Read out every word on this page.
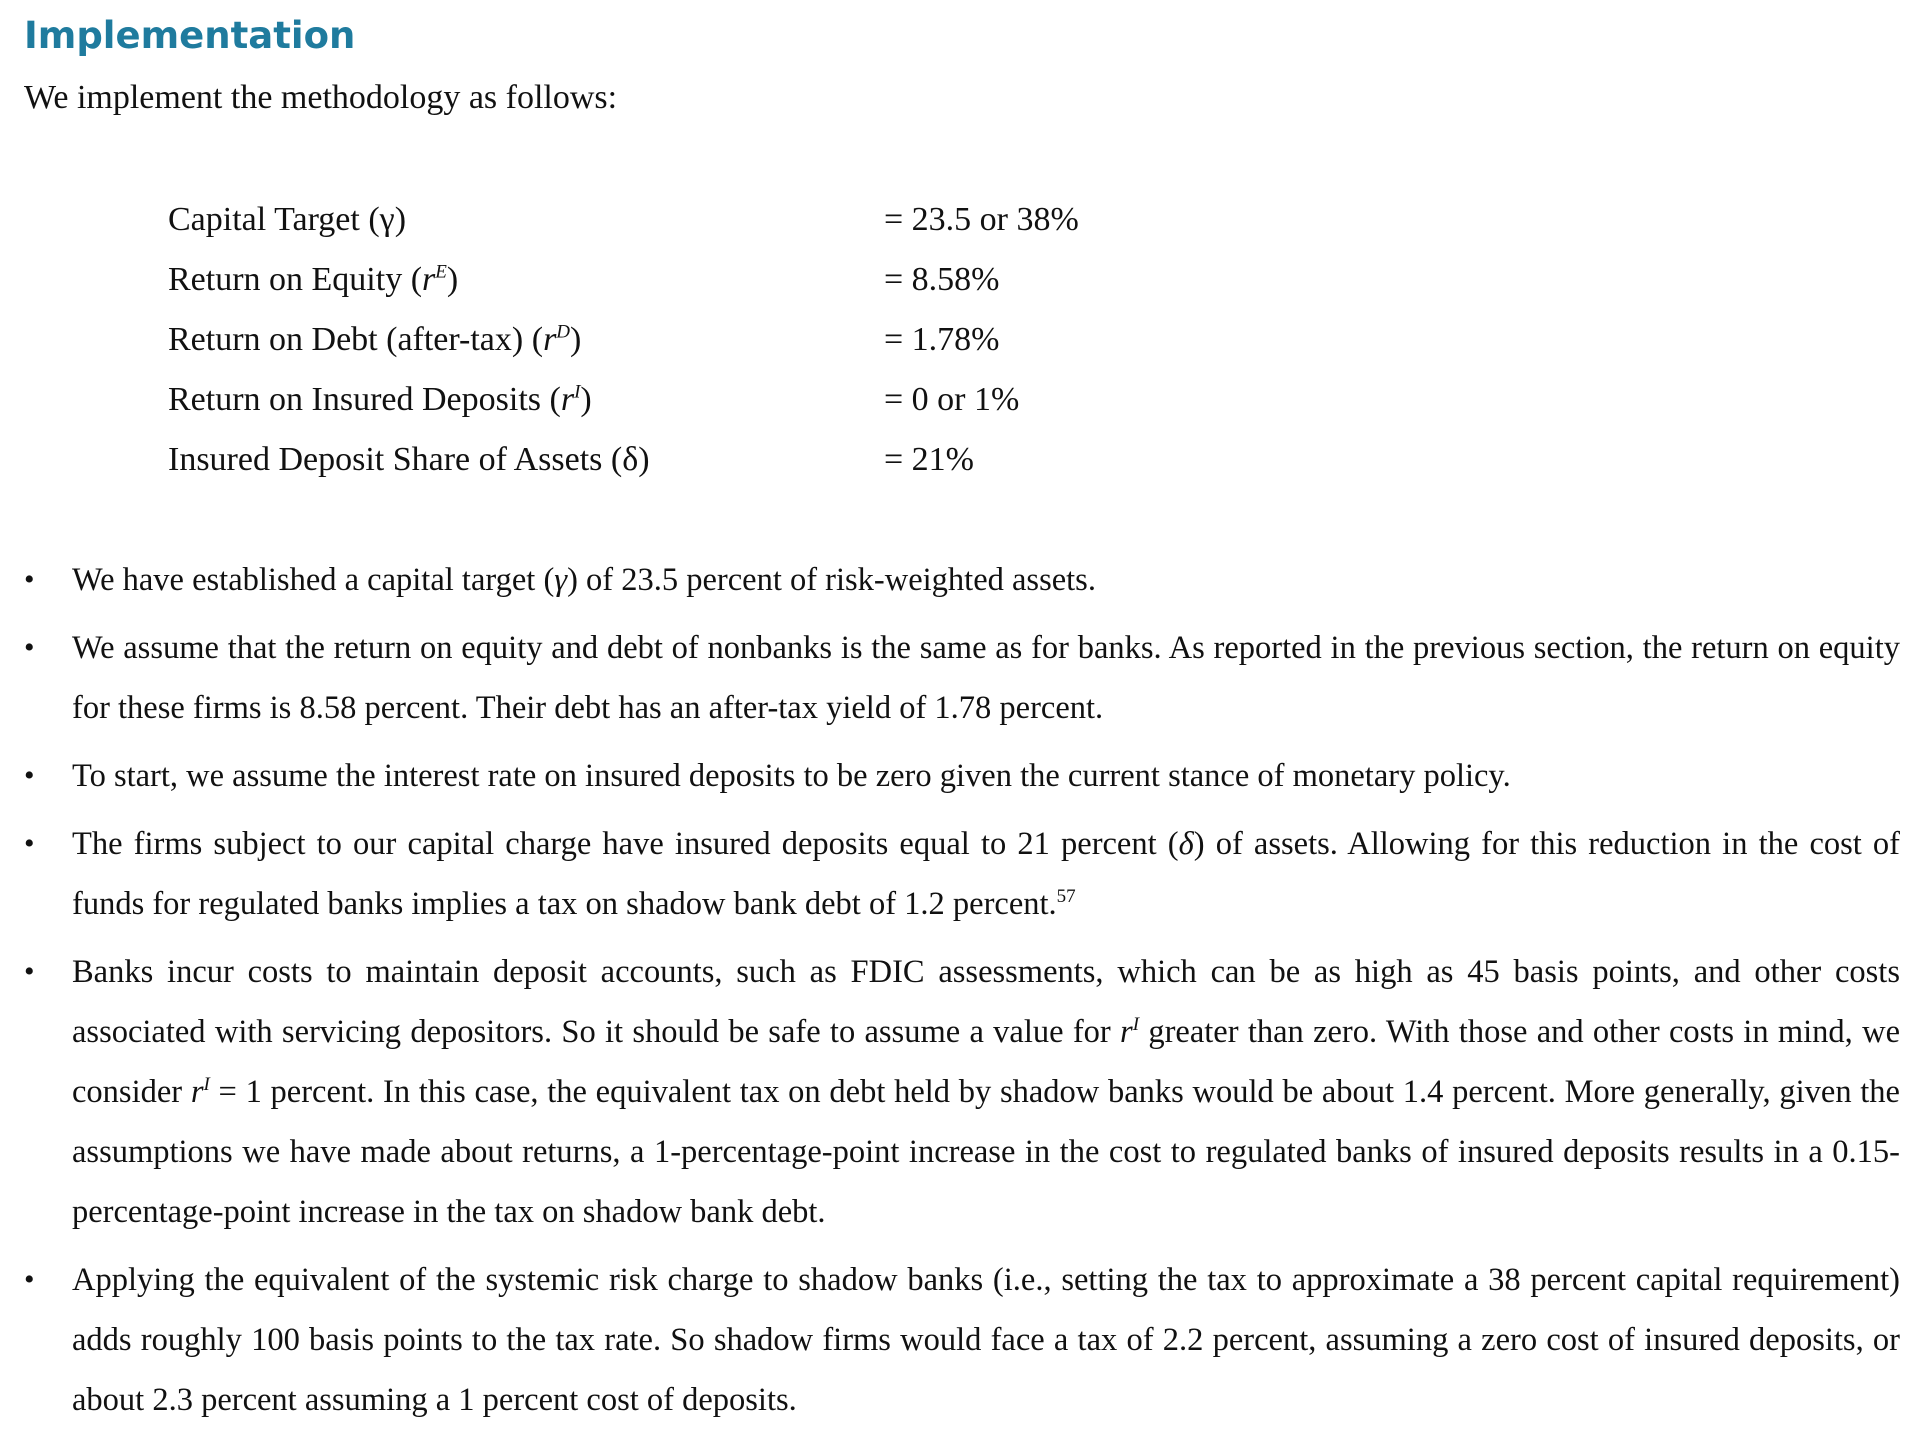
Implementation

We implement the methodology as follows:

Capital Target (γ)	= 23.5 or 38%
Return on Equity $(r^E)$	= 8.58%
Return on Debt (after-tax) $(r^D)$	= 1.78%
Return on Insured Deposits $(r^I)$	= 0 or 1%
Insured Deposit Share of Assets (δ)	= 21%
• We have established a capital target (γ) of 23.5 percent of risk-weighted assets.
• We assume that the return on equity and debt of nonbanks is the same as for banks. As reported in the previous section, the return on equity for these firms is 8.58 percent. Their debt has an after-tax yield of 1.78 percent.
• To start, we assume the interest rate on insured deposits to be zero given the current stance of monetary policy.
• The firms subject to our capital charge have insured deposits equal to 21 percent (δ) of assets. Allowing for this reduction in the cost of funds for regulated banks implies a tax on shadow bank debt of 1.2 percent.$^{57}$
• Banks incur costs to maintain deposit accounts, such as FDIC assessments, which can be as high as 45 basis points, and other costs associated with servicing depositors. So it should be safe to assume a value for $r^I$ greater than zero. With those and other costs in mind, we consider $r^I = 1$ percent. In this case, the equivalent tax on debt held by shadow banks would be about 1.4 percent. More generally, given the assumptions we have made about returns, a 1-percentage-point increase in the cost to regulated banks of insured deposits results in a 0.15-percentage-point increase in the tax on shadow bank debt.
• Applying the equivalent of the systemic risk charge to shadow banks (i.e., setting the tax to approximate a 38 percent capital requirement) adds roughly 100 basis points to the tax rate. So shadow firms would face a tax of 2.2 percent, assuming a zero cost of insured deposits, or about 2.3 percent assuming a 1 percent cost of deposits.
